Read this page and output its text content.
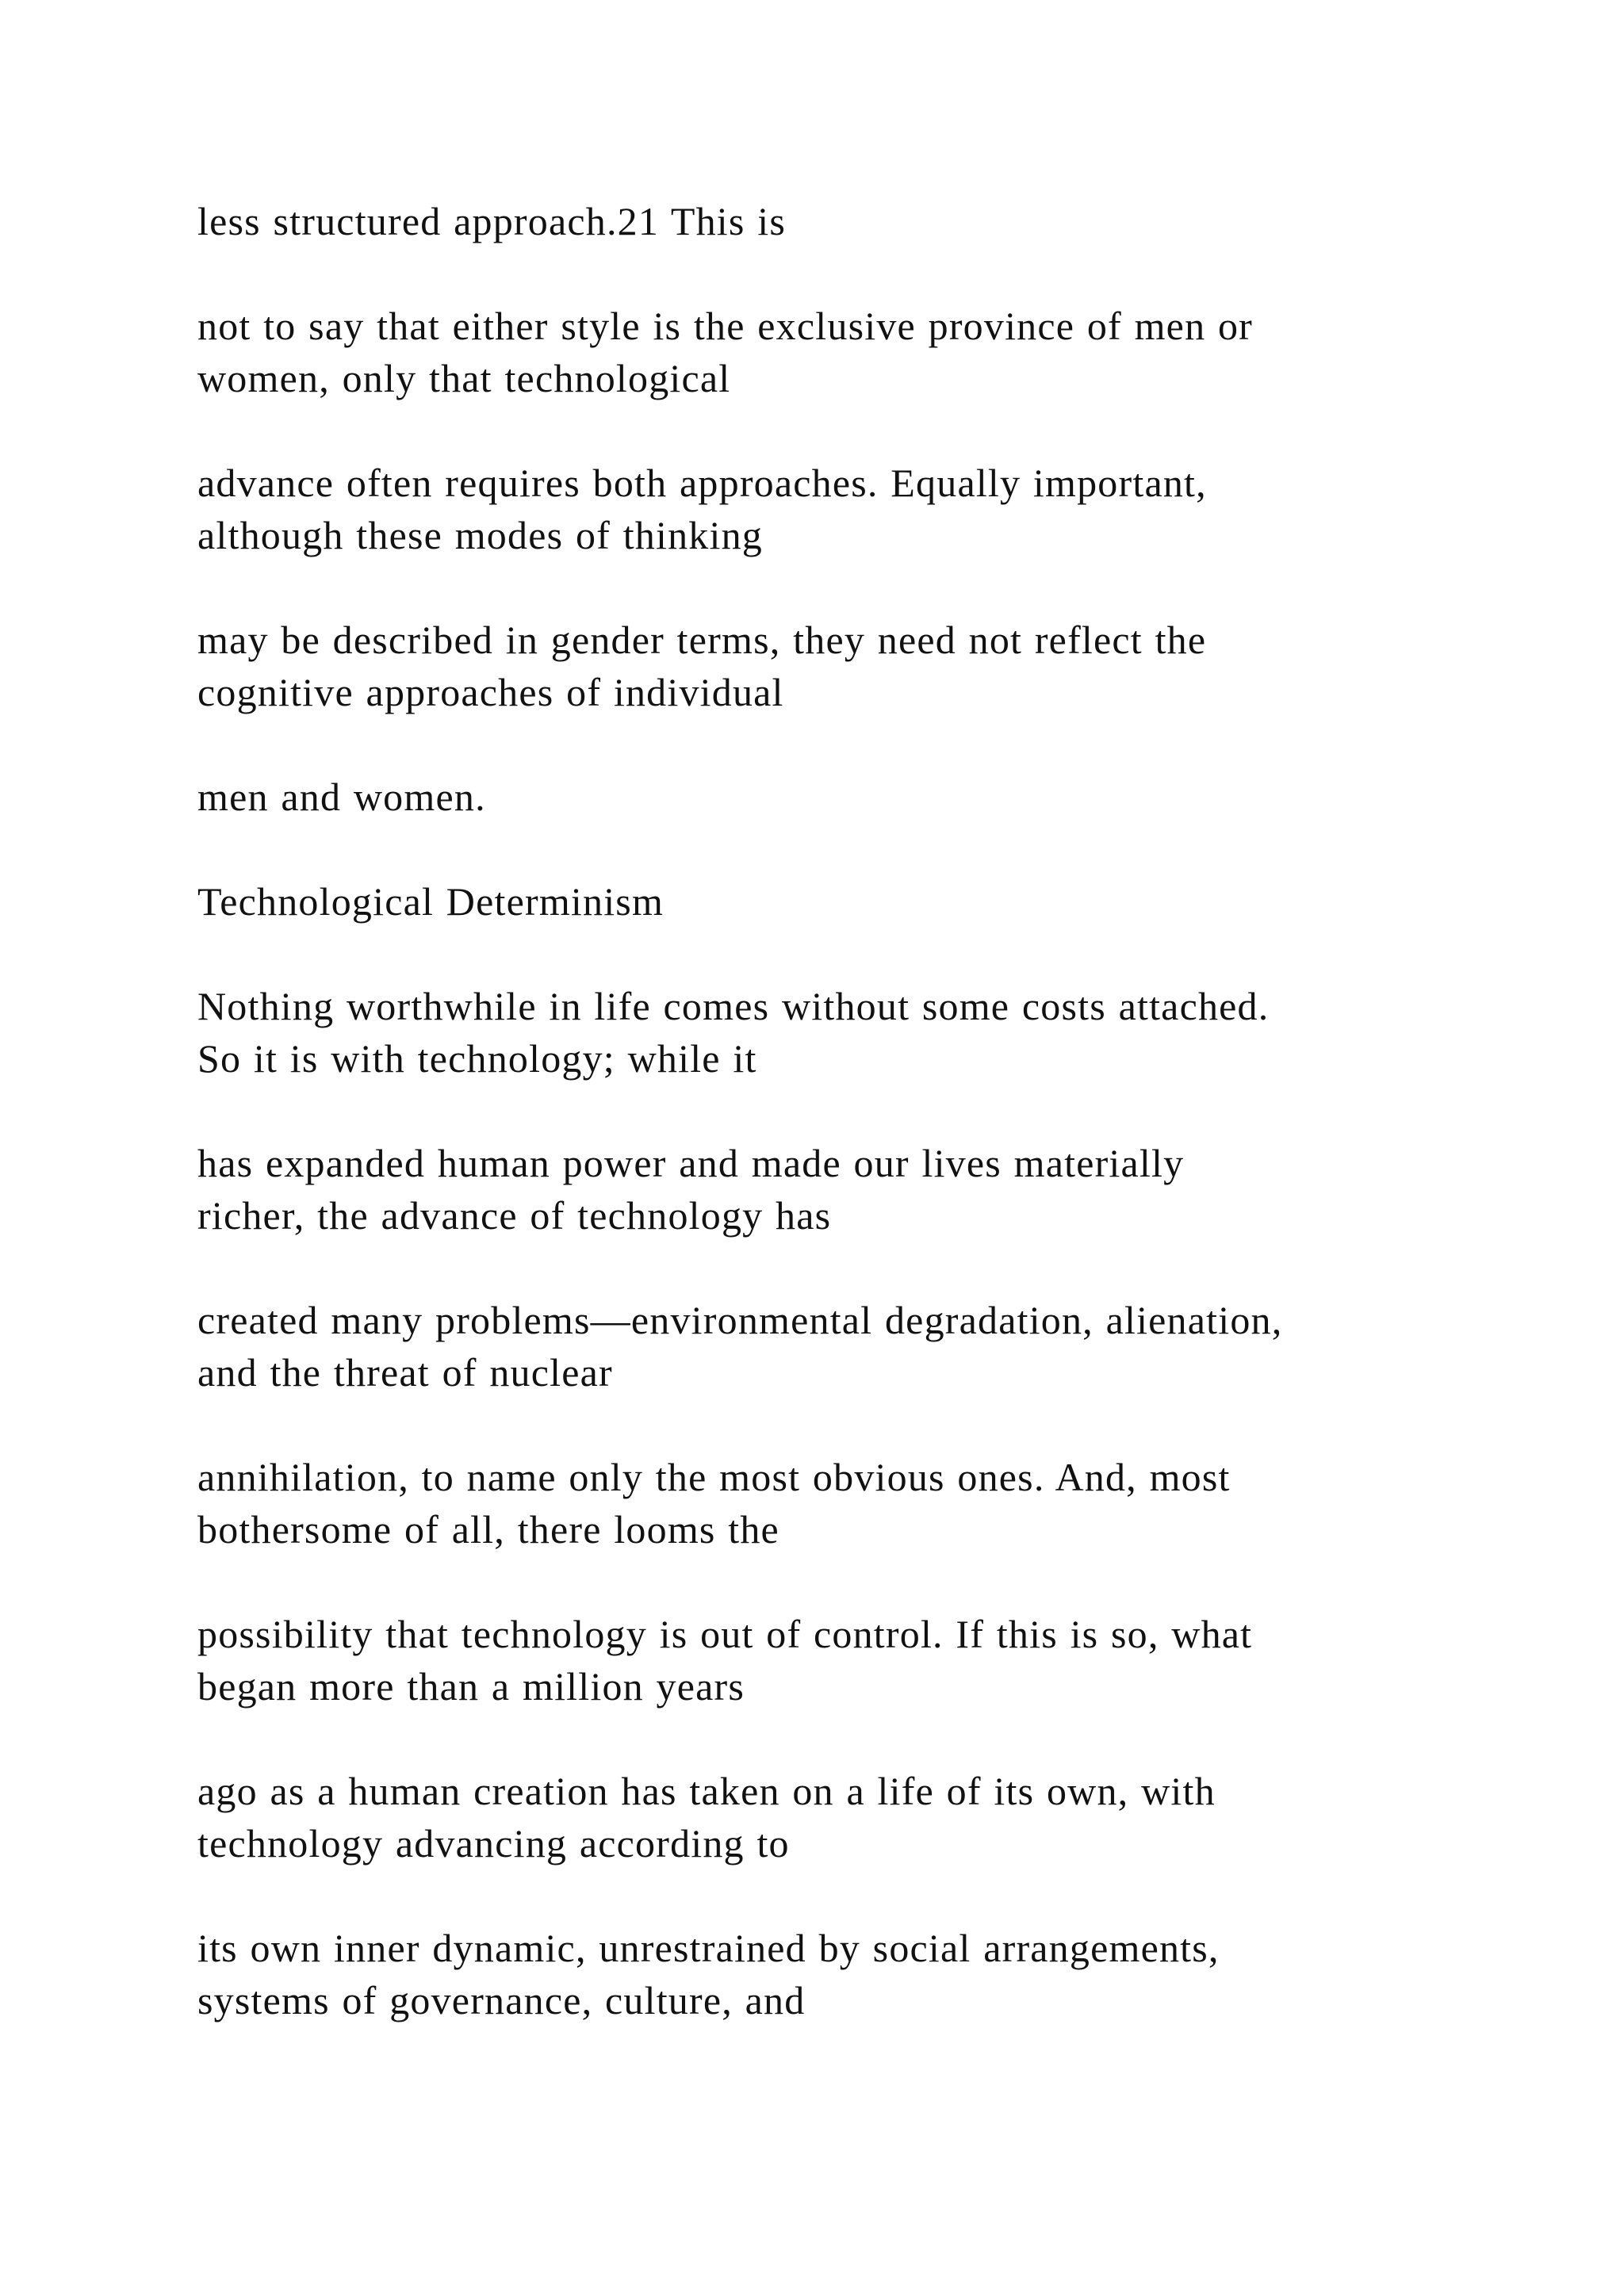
less structured approach.21 This is

not to say that either style is the exclusive province of men or
women, only that technological

advance often requires both approaches. Equally important,
although these modes of thinking

may be described in gender terms, they need not reflect the
cognitive approaches of individual

men and women.

Technological Determinism

Nothing worthwhile in life comes without some costs attached.
So it is with technology; while it

has expanded human power and made our lives materially
richer, the advance of technology has

created many problems—environmental degradation, alienation,
and the threat of nuclear

annihilation, to name only the most obvious ones. And, most
bothersome of all, there looms the

possibility that technology is out of control. If this is so, what
began more than a million years

ago as a human creation has taken on a life of its own, with
technology advancing according to

its own inner dynamic, unrestrained by social arrangements,
systems of governance, culture, and
